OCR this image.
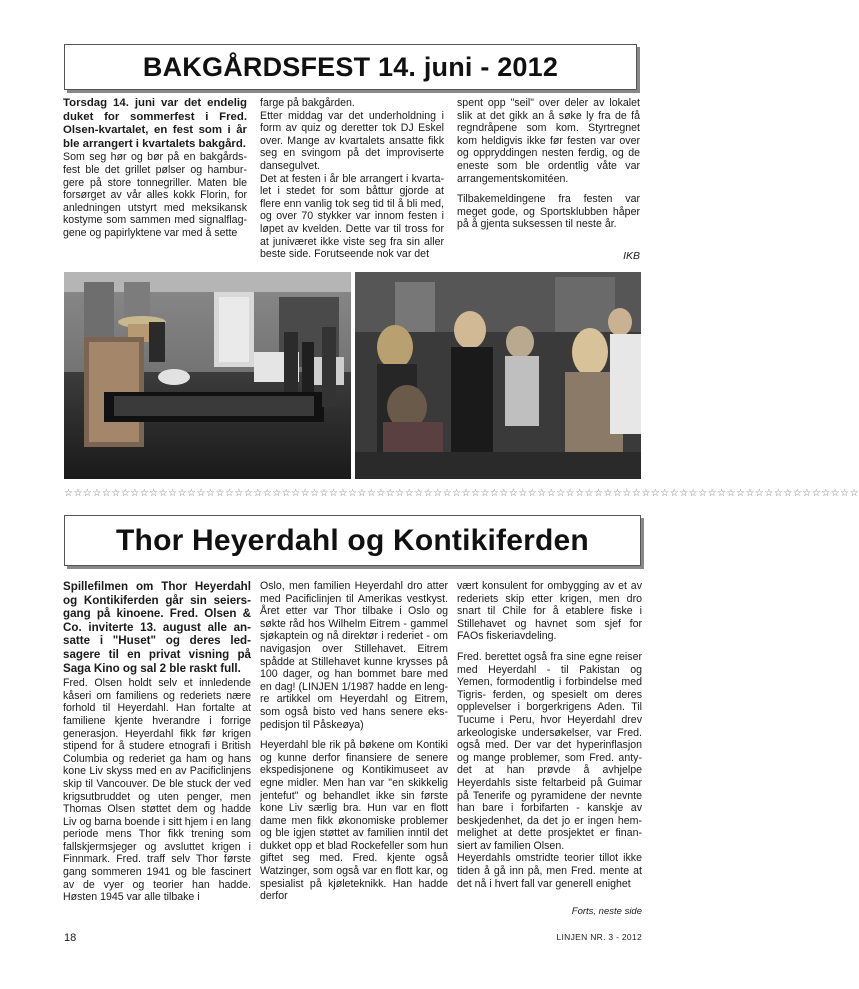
BAKGÅRDSFEST 14. juni - 2012

Torsdag 14. juni var det endelig duket for sommerfest i Fred. Olsen-kvartalet, en fest som i år ble arrangert i kvartalets bakgård.

Som seg hør og bør på en bakgårdsfest ble det grillet pølser og hamburgere på store tonnegriller. Maten ble forsørget av vår alles kokk Florin, for anledningen utstyrt med meksikansk kostyme som sammen med signalflaggene og papirlyktene var med å sette

farge på bakgården.

Etter middag var det underholdning i form av quiz og deretter tok DJ Eskel over. Mange av kvartalets ansatte fikk seg en svingom på det improviserte dansegulvet.

Det at festen i år ble arrangert i kvartalet i stedet for som båttur gjorde at flere enn vanlig tok seg tid til å bli med, og over 70 stykker var innom festen i løpet av kvelden. Dette var til tross for at juniværet ikke viste seg fra sin aller beste side. Forutseende nok var det

spent opp "seil" over deler av lokalet slik at det gikk an å søke ly fra de få regndråpene som kom. Styrtregnet kom heldigvis ikke før festen var over og oppryddingen nesten ferdig, og de eneste som ble ordentlig våte var arrangementskomitéen.

Tilbakemeldingene fra festen var meget gode, og Sportsklubben håper på å gjenta suksessen til neste år.

IKB
☆☆☆☆☆☆☆☆☆☆☆☆☆☆☆☆☆☆☆☆☆☆☆☆☆☆☆☆☆☆☆☆☆☆☆☆☆☆☆☆☆☆☆☆☆☆☆☆☆☆☆☆☆☆☆☆☆☆☆☆☆☆☆☆☆☆☆☆☆☆☆☆☆☆☆☆☆☆☆☆☆☆☆☆
Thor Heyerdahl og Kontikiferden

Spillefilmen om Thor Heyerdahl og Kontikiferden går sin seiersgang på kinoene. Fred. Olsen & Co. inviterte 13. august alle ansatte i "Huset" og deres ledsagere til en privat visning på Saga Kino og sal 2 ble raskt full.

Fred. Olsen holdt selv et innledende kåseri om familiens og rederiets nære forhold til Heyerdahl. Han fortalte at familiene kjente hverandre i forrige generasjon. Heyerdahl fikk før krigen stipend for å studere etnografi i British Columbia og rederiet ga ham og hans kone Liv skyss med en av Pacificlinjens skip til Vancouver. De ble stuck der ved krigsutbruddet og uten penger, men Thomas Olsen støttet dem og hadde Liv og barna boende i sitt hjem i en lang periode mens Thor fikk trening som fallskjermsjeger og avsluttet krigen i Finnmark. Fred. traff selv Thor første gang sommeren 1941 og ble fascinert av de vyer og teorier han hadde. Høsten 1945 var alle tilbake i

Oslo, men familien Heyerdahl dro atter med Pacificlinjen til Amerikas vestkyst. Året etter var Thor tilbake i Oslo og søkte råd hos Wilhelm Eitrem - gammel sjøkaptein og nå direktør i rederiet - om navigasjon over Stillehavet. Eitrem spådde at Stillehavet kunne krysses på 100 dager, og han bommet bare med en dag! (LINJEN 1/1987 hadde en lengre artikkel om Heyerdahl og Eitrem, som også bisto ved hans senere ekspedisjon til Påskeøya)

Heyerdahl ble rik på bøkene om Kontiki og kunne derfor finansiere de senere ekspedisjonene og Kontikimuseet av egne midler. Men han var "en skikkelig jentefut" og behandlet ikke sin første kone Liv særlig bra. Hun var en flott dame men fikk økonomiske problemer og ble igjen støttet av familien inntil det dukket opp et blad Rockefeller som hun giftet seg med. Fred. kjente også Watzinger, som også var en flott kar, og spesialist på kjøleteknikk. Han hadde derfor

vært konsulent for ombygging av et av rederiets skip etter krigen, men dro snart til Chile for å etablere fiske i Stillehavet og havnet som sjef for FAOs fiskeriavdeling.

Fred. berettet også fra sine egne reiser med Heyerdahl - til Pakistan og Yemen, formodentlig i forbindelse med Tigris- ferden, og spesielt om deres opplevelser i borgerkrigens Aden. Til Tucume i Peru, hvor Heyerdahl drev arkeologiske undersøkelser, var Fred. også med. Der var det hyperinflasjon og mange problemer, som Fred. antydet at han prøvde å avhjelpe Heyerdahls siste feltarbeid på Guimar på Tenerife og pyramidene der nevnte han bare i forbifarten - kanskje av beskjedenhet, da det jo er ingen hemmelighet at dette prosjektet er finansiert av familien Olsen.

Heyerdahls omstridte teorier tillot ikke tiden å gå inn på, men Fred. mente at det nå i hvert fall var generell enighet

Forts, neste side
18	LINJEN NR. 3 - 2012
